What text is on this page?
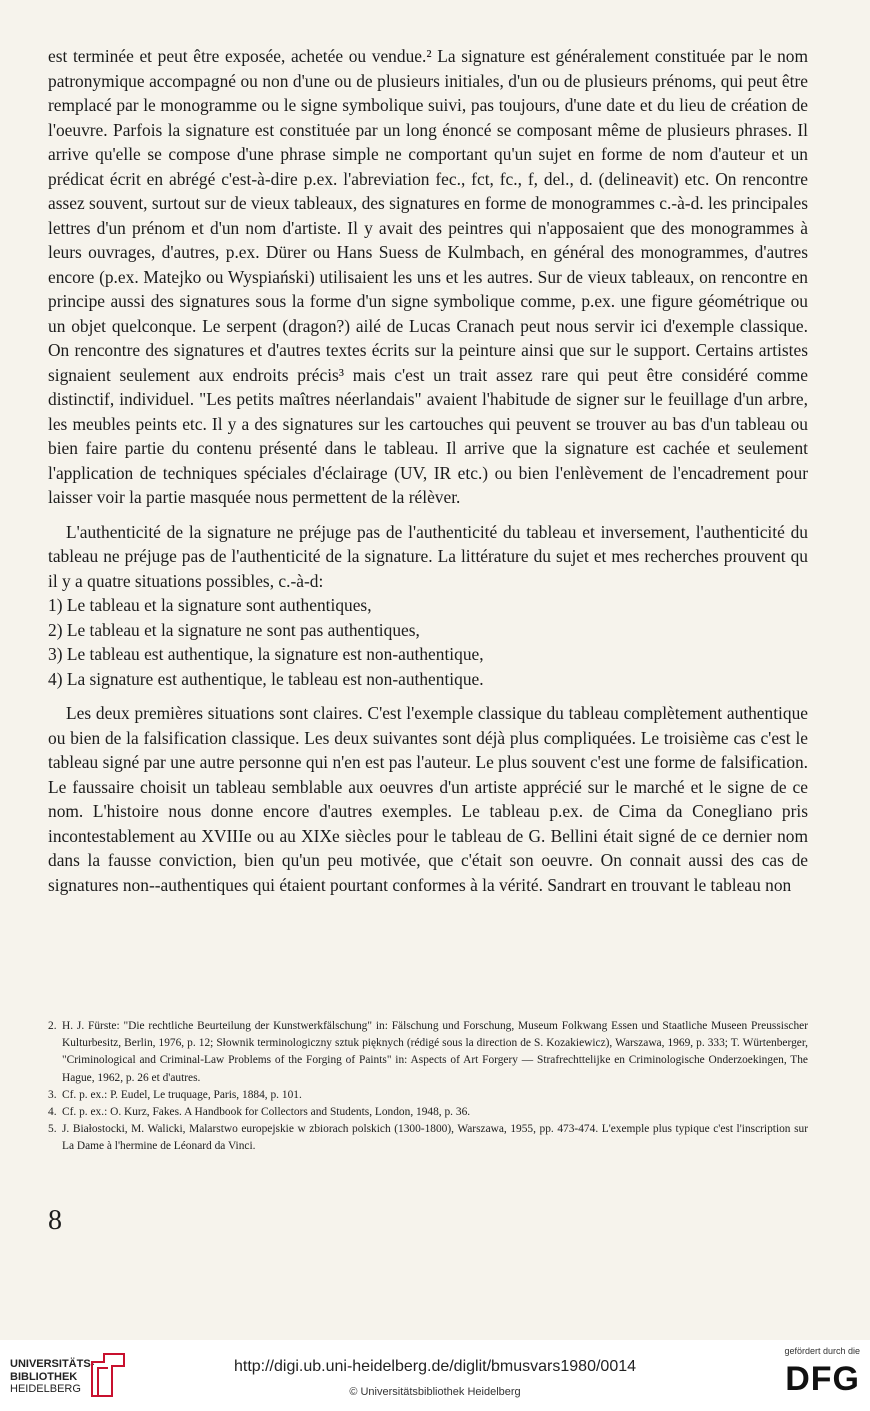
est terminée et peut être exposée, achetée ou vendue.² La signature est généralement constituée par le nom patronymique accompagné ou non d'une ou de plusieurs initiales, d'un ou de plusieurs prénoms, qui peut être remplacé par le monogramme ou le signe symbolique suivi, pas toujours, d'une date et du lieu de création de l'oeuvre. Parfois la signature est constituée par un long énoncé se composant même de plusieurs phrases. Il arrive qu'elle se compose d'une phrase simple ne comportant qu'un sujet en forme de nom d'auteur et un prédicat écrit en abrégé c'est-à-dire p.ex. l'abreviation fec., fct, fc., f, del., d. (delineavit) etc. On rencontre assez souvent, surtout sur de vieux tableaux, des signatures en forme de monogrammes c.-à-d. les principales lettres d'un prénom et d'un nom d'artiste. Il y avait des peintres qui n'apposaient que des monogrammes à leurs ouvrages, d'autres, p.ex. Dürer ou Hans Suess de Kulmbach, en général des monogrammes, d'autres encore (p.ex. Matejko ou Wyspiański) utilisaient les uns et les autres. Sur de vieux tableaux, on rencontre en principe aussi des signatures sous la forme d'un signe symbolique comme, p.ex. une figure géométrique ou un objet quelconque. Le serpent (dragon?) ailé de Lucas Cranach peut nous servir ici d'exemple classique. On rencontre des signatures et d'autres textes écrits sur la peinture ainsi que sur le support. Certains artistes signaient seulement aux endroits précis³ mais c'est un trait assez rare qui peut être considéré comme distinctif, individuel. "Les petits maîtres néerlandais" avaient l'habitude de signer sur le feuillage d'un arbre, les meubles peints etc. Il y a des signatures sur les cartouches qui peuvent se trouver au bas d'un tableau ou bien faire partie du contenu présenté dans le tableau. Il arrive que la signature est cachée et seulement l'application de techniques spéciales d'éclairage (UV, IR etc.) ou bien l'enlèvement de l'encadrement pour laisser voir la partie masquée nous permettent de la rélèver.

L'authenticité de la signature ne préjuge pas de l'authenticité du tableau et inversement, l'authenticité du tableau ne préjuge pas de l'authenticité de la signature. La littérature du sujet et mes recherches prouvent qu il y a quatre situations possibles, c.-à-d:

1) Le tableau et la signature sont authentiques,
2) Le tableau et la signature ne sont pas authentiques,
3) Le tableau est authentique, la signature est non-authentique,
4) La signature est authentique, le tableau est non-authentique.

Les deux premières situations sont claires. C'est l'exemple classique du tableau complètement authentique ou bien de la falsification classique. Les deux suivantes sont déjà plus compliquées. Le troisième cas c'est le tableau signé par une autre personne qui n'en est pas l'auteur. Le plus souvent c'est une forme de falsification. Le faussaire choisit un tableau semblable aux oeuvres d'un artiste apprécié sur le marché et le signe de ce nom. L'histoire nous donne encore d'autres exemples. Le tableau p.ex. de Cima da Conegliano pris incontestablement au XVIIIe ou au XIXe siècles pour le tableau de G. Bellini était signé de ce dernier nom dans la fausse conviction, bien qu'un peu motivée, que c'était son oeuvre. On connait aussi des cas de signatures non--authentiques qui étaient pourtant conformes à la vérité. Sandrart en trouvant le tableau non

2. H. J. Fürste: "Die rechtliche Beurteilung der Kunstwerkfälschung" in: Fälschung und Forschung, Museum Folkwang Essen und Staatliche Museen Preussischer Kulturbesitz, Berlin, 1976, p. 12; Słownik terminologiczny sztuk pięknych (rédigé sous la direction de S. Kozakiewicz), Warszawa, 1969, p. 333; T. Würtenberger, "Criminological and Criminal-Law Problems of the Forging of Paints" in: Aspects of Art Forgery — Strafrechttelijke en Criminologische Onderzoekingen, The Hague, 1962, p. 26 et d'autres.
3. Cf. p. ex.: P. Eudel, Le truquage, Paris, 1884, p. 101.
4. Cf. p. ex.: O. Kurz, Fakes. A Handbook for Collectors and Students, London, 1948, p. 36.
5. J. Białostocki, M. Walicki, Malarstwo europejskie w zbiorach polskich (1300-1800), Warszawa, 1955, pp. 473-474. L'exemple plus typique c'est l'inscription sur La Dame à l'hermine de Léonard da Vinci.
8
UNIVERSITÄTS-
BIBLIOTHEK
HEIDELBERG
http://digi.ub.uni-heidelberg.de/diglit/bmusvars1980/0014
© Universitätsbibliothek Heidelberg
gefördert durch die
DFG
